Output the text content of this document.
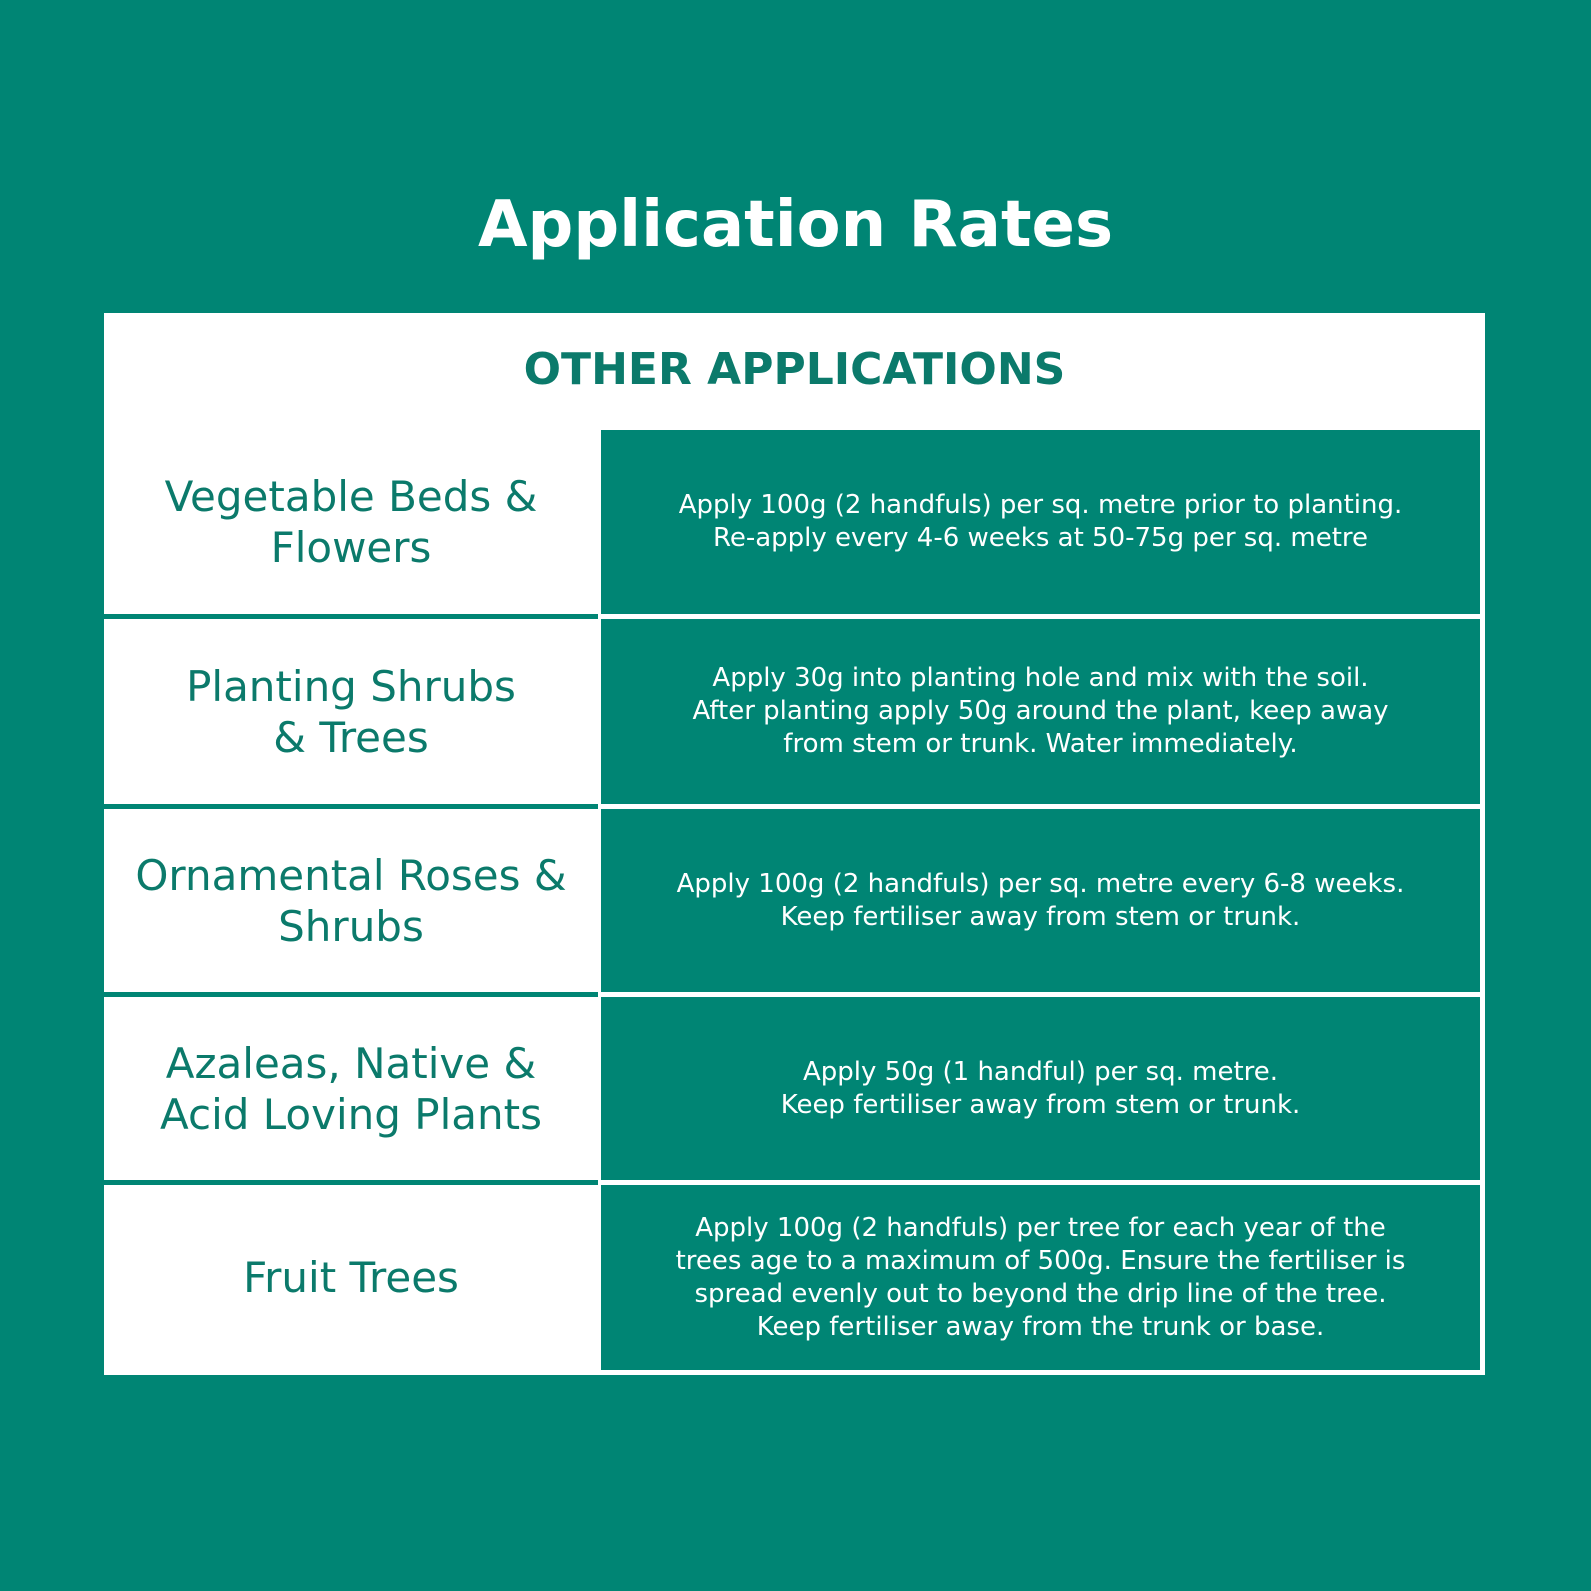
Application Rates
OTHER APPLICATIONS
Vegetable Beds &
Flowers
Apply 100g (2 handfuls) per sq. metre prior to planting.
Re-apply every 4-6 weeks at 50-75g per sq. metre
Planting Shrubs
& Trees
Apply 30g into planting hole and mix with the soil.
After planting apply 50g around the plant, keep away
from stem or trunk. Water immediately.
Ornamental Roses &
Shrubs
Apply 100g (2 handfuls) per sq. metre every 6-8 weeks.
Keep fertiliser away from stem or trunk.
Azaleas, Native &
Acid Loving Plants
Apply 50g (1 handful) per sq. metre.
Keep fertiliser away from stem or trunk.
Fruit Trees
Apply 100g (2 handfuls) per tree for each year of the
trees age to a maximum of 500g. Ensure the fertiliser is
spread evenly out to beyond the drip line of the tree.
Keep fertiliser away from the trunk or base.
